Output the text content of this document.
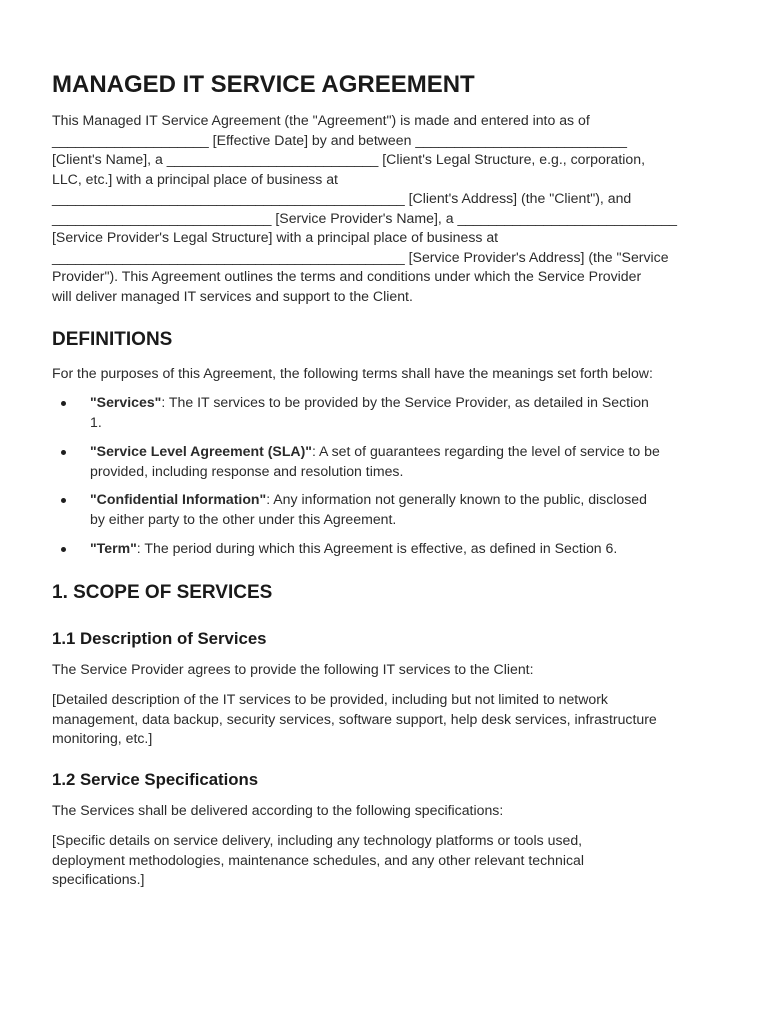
MANAGED IT SERVICE AGREEMENT

This Managed IT Service Agreement (the "Agreement") is made and entered into as of
____________________ [Effective Date] by and between ___________________________
[Client's Name], a ___________________________ [Client's Legal Structure, e.g., corporation,
LLC, etc.] with a principal place of business at
_____________________________________________ [Client's Address] (the "Client"), and
____________________________ [Service Provider's Name], a ____________________________
[Service Provider's Legal Structure] with a principal place of business at
_____________________________________________ [Service Provider's Address] (the "Service
Provider"). This Agreement outlines the terms and conditions under which the Service Provider
will deliver managed IT services and support to the Client.

DEFINITIONS

For the purposes of this Agreement, the following terms shall have the meanings set forth below:

"Services": The IT services to be provided by the Service Provider, as detailed in Section
1.
"Service Level Agreement (SLA)": A set of guarantees regarding the level of service to be
provided, including response and resolution times.
"Confidential Information": Any information not generally known to the public, disclosed
by either party to the other under this Agreement.
"Term": The period during which this Agreement is effective, as defined in Section 6.
1. SCOPE OF SERVICES
1.1 Description of Services

The Service Provider agrees to provide the following IT services to the Client:

[Detailed description of the IT services to be provided, including but not limited to network
management, data backup, security services, software support, help desk services, infrastructure
monitoring, etc.]

1.2 Service Specifications

The Services shall be delivered according to the following specifications:

[Specific details on service delivery, including any technology platforms or tools used,
deployment methodologies, maintenance schedules, and any other relevant technical
specifications.]
